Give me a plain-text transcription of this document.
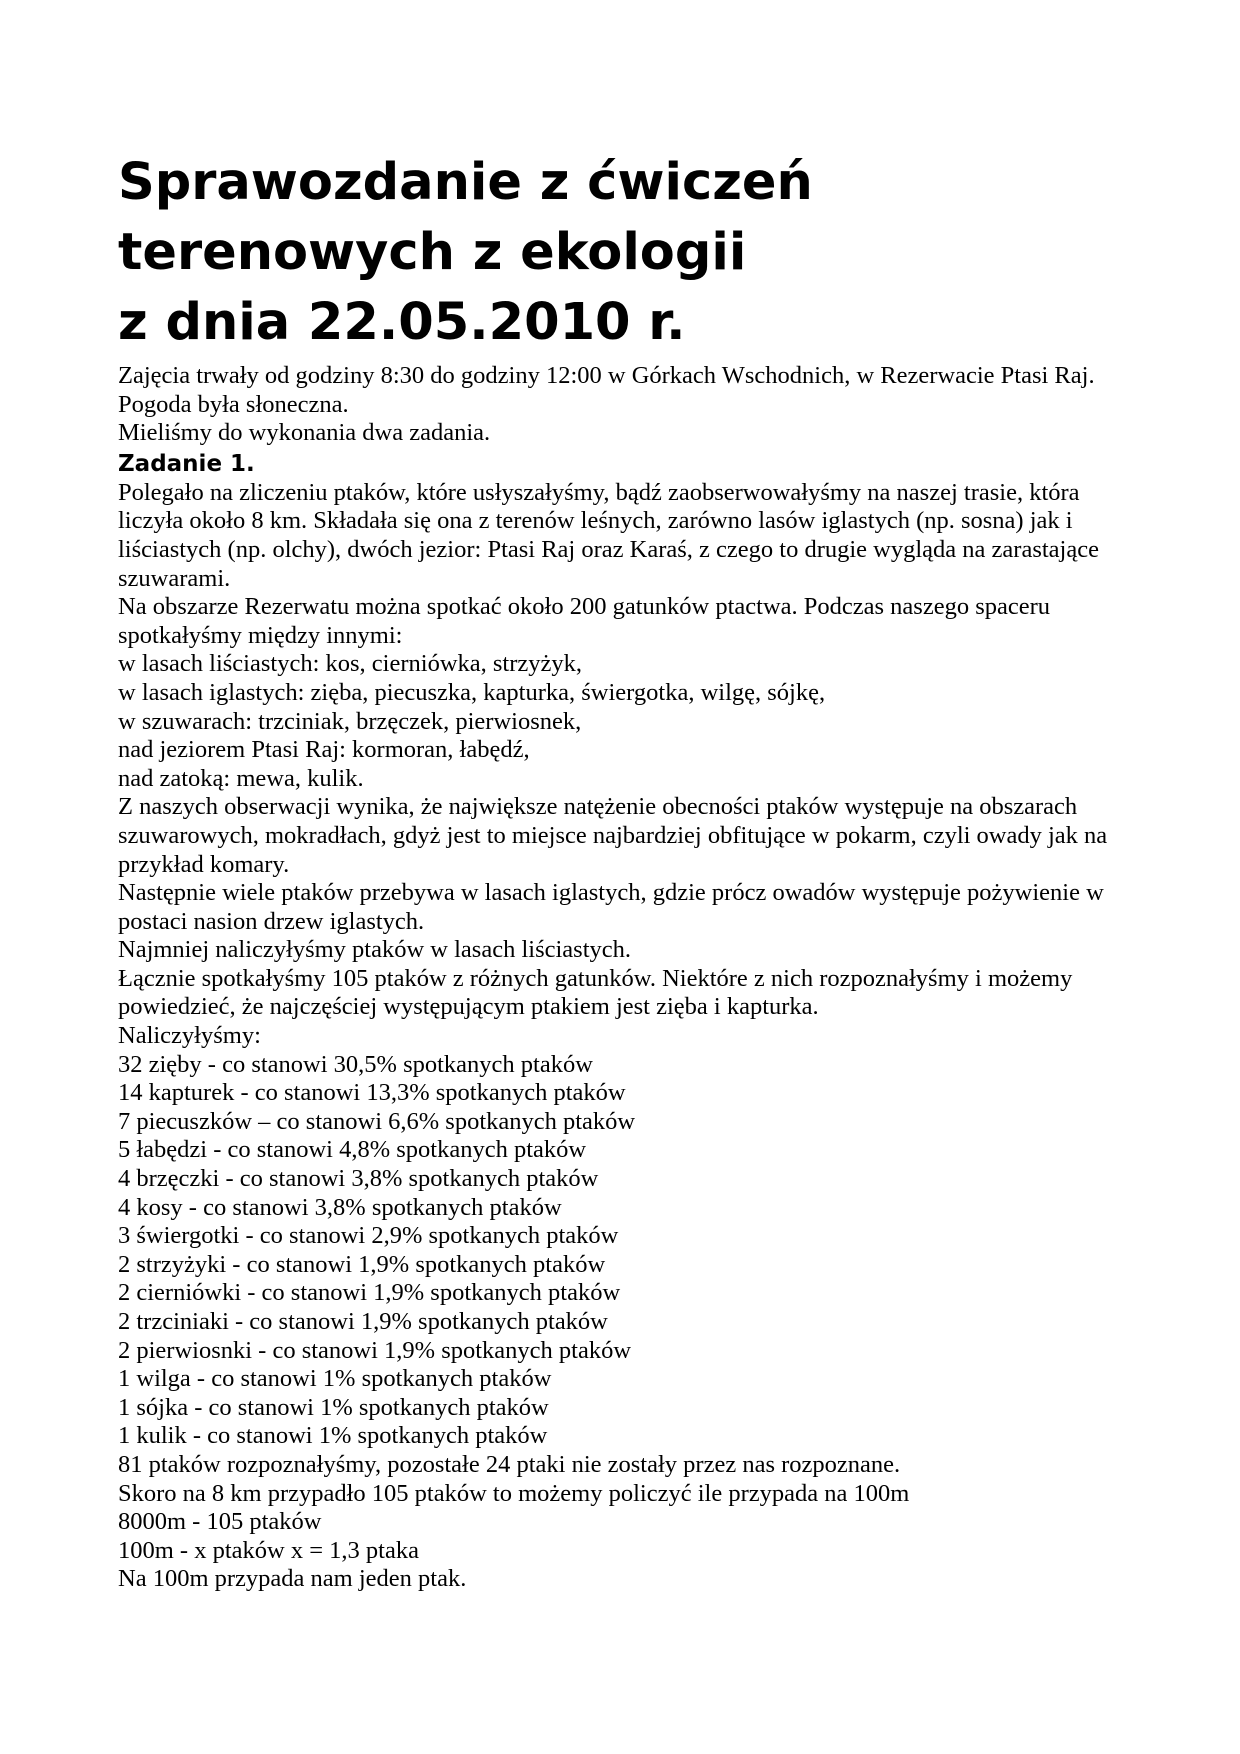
Sprawozdanie z ćwiczeń
terenowych z ekologii
z dnia 22.05.2010 r.

Zajęcia trwały od godziny 8:30 do godziny 12:00 w Górkach Wschodnich, w Rezerwacie Ptasi Raj. Pogoda była słoneczna.

Mieliśmy do wykonania dwa zadania.

Zadanie 1.

Polegało na zliczeniu ptaków, które usłyszałyśmy, bądź zaobserwowałyśmy na naszej trasie, która liczyła około 8 km. Składała się ona z terenów leśnych, zarówno lasów iglastych (np. sosna) jak i liściastych (np. olchy), dwóch jezior: Ptasi Raj oraz Karaś, z czego to drugie wygląda na zarastające szuwarami.

Na obszarze Rezerwatu można spotkać około 200 gatunków ptactwa. Podczas naszego spaceru spotkałyśmy między innymi:

w lasach liściastych: kos, cierniówka, strzyżyk,

w lasach iglastych: zięba, piecuszka, kapturka, świergotka, wilgę, sójkę,

w szuwarach: trzciniak, brzęczek, pierwiosnek,

nad jeziorem Ptasi Raj: kormoran, łabędź,

nad zatoką: mewa, kulik.

Z naszych obserwacji wynika, że największe natężenie obecności ptaków występuje na obszarach szuwarowych, mokradłach, gdyż jest to miejsce najbardziej obfitujące w pokarm, czyli owady jak na przykład komary.

Następnie wiele ptaków przebywa w lasach iglastych, gdzie prócz owadów występuje pożywienie w postaci nasion drzew iglastych.

Najmniej naliczyłyśmy ptaków w lasach liściastych.

Łącznie spotkałyśmy 105 ptaków z różnych gatunków. Niektóre z nich rozpoznałyśmy i możemy powiedzieć, że najczęściej występującym ptakiem jest zięba i kapturka.

Naliczyłyśmy:

32 zięby - co stanowi 30,5% spotkanych ptaków

14 kapturek - co stanowi 13,3% spotkanych ptaków

7 piecuszków – co stanowi 6,6% spotkanych ptaków

5 łabędzi - co stanowi 4,8% spotkanych ptaków

4 brzęczki - co stanowi 3,8% spotkanych ptaków

4 kosy - co stanowi 3,8% spotkanych ptaków

3 świergotki - co stanowi 2,9% spotkanych ptaków

2 strzyżyki - co stanowi 1,9% spotkanych ptaków

2 cierniówki - co stanowi 1,9% spotkanych ptaków

2 trzciniaki - co stanowi 1,9% spotkanych ptaków

2 pierwiosnki - co stanowi 1,9% spotkanych ptaków

1 wilga - co stanowi 1% spotkanych ptaków

1 sójka - co stanowi 1% spotkanych ptaków

1 kulik - co stanowi 1% spotkanych ptaków

81 ptaków rozpoznałyśmy, pozostałe 24 ptaki nie zostały przez nas rozpoznane.

Skoro na 8 km przypadło 105 ptaków to możemy policzyć ile przypada na 100m

8000m - 105 ptaków

100m - x ptaków x = 1,3 ptaka

Na 100m przypada nam jeden ptak.
